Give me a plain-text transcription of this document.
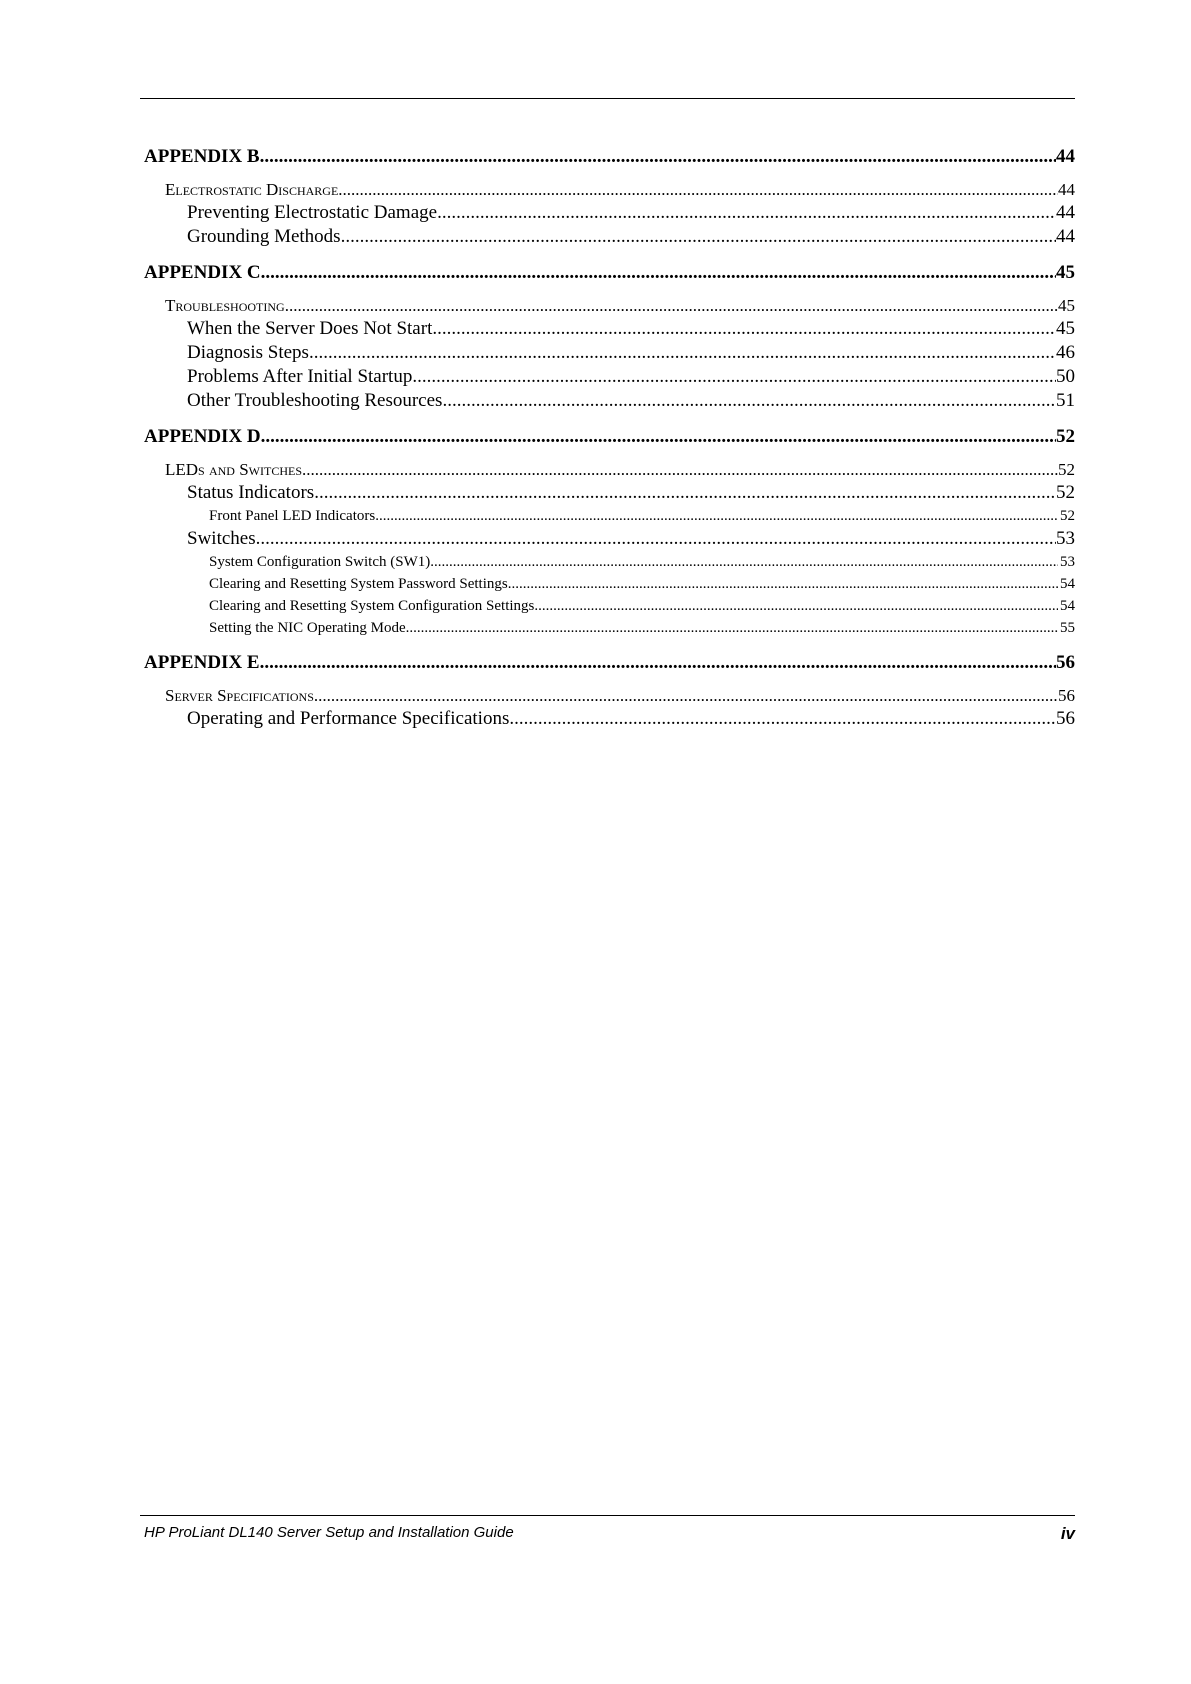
APPENDIX B .....	44
Electrostatic Discharge .....	44
Preventing Electrostatic Damage .....	44
Grounding Methods .....	44
APPENDIX C .....	45
Troubleshooting .....	45
When the Server Does Not Start .....	45
Diagnosis Steps .....	46
Problems After Initial Startup .....	50
Other Troubleshooting Resources .....	51
APPENDIX D .....	52
LEDs and Switches .....	52
Status Indicators .....	52
Front Panel LED Indicators .....	52
Switches .....	53
System Configuration Switch (SW1) .....	53
Clearing and Resetting System Password Settings .....	54
Clearing and Resetting System Configuration Settings .....	54
Setting the NIC Operating Mode .....	55
APPENDIX E .....	56
Server Specifications .....	56
Operating and Performance Specifications .....	56
HP ProLiant DL140 Server Setup and Installation Guide	iv
